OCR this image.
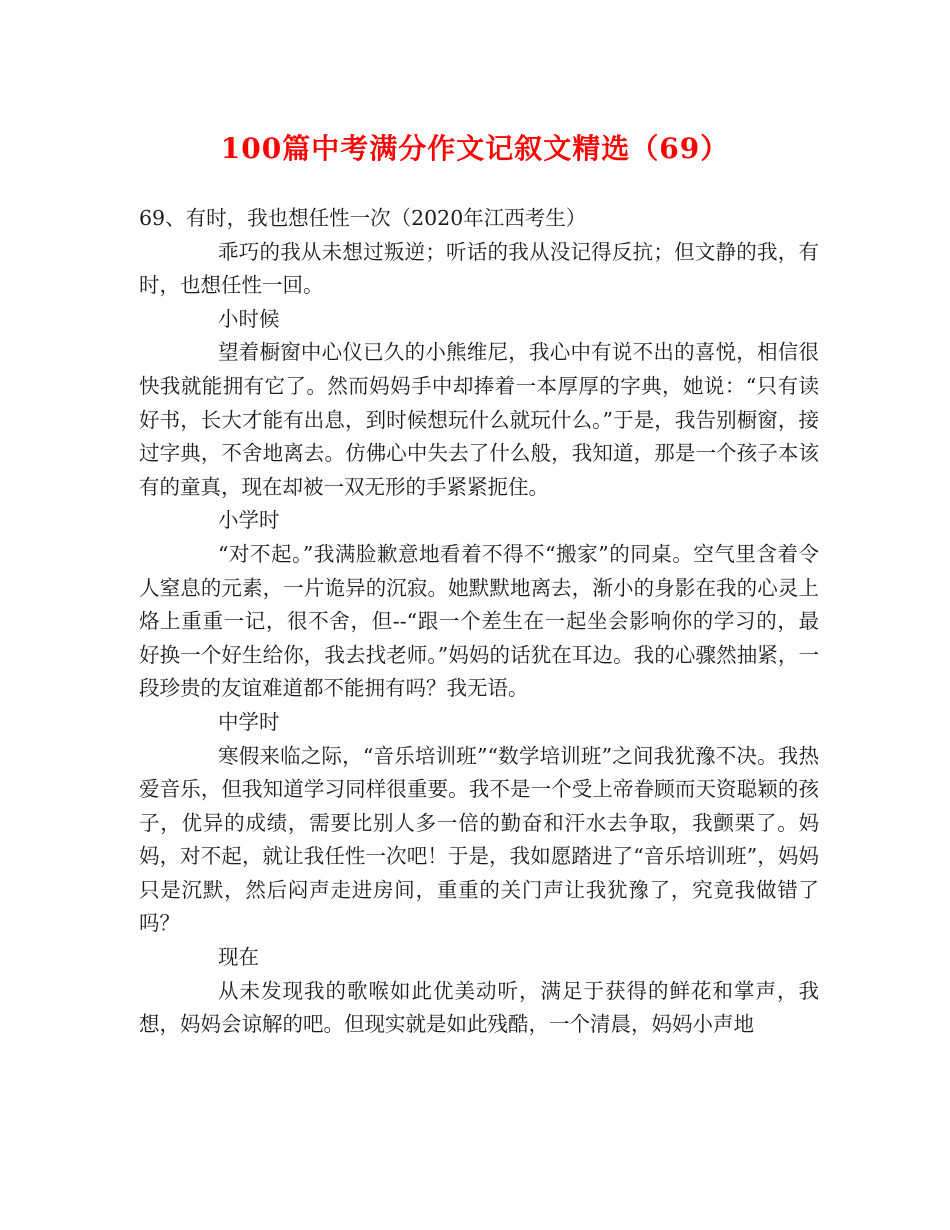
100篇中考满分作文记叙文精选（69）

69、有时，我也想任性一次（2020年江西考生）

乖巧的我从未想过叛逆；听话的我从没记得反抗；但文静的我，有时，也想任性一回。

小时候

望着橱窗中心仪已久的小熊维尼，我心中有说不出的喜悦，相信很快我就能拥有它了。然而妈妈手中却捧着一本厚厚的字典，她说：“只有读好书，长大才能有出息，到时候想玩什么就玩什么。”于是，我告别橱窗，接过字典，不舍地离去。仿佛心中失去了什么般，我知道，那是一个孩子本该有的童真，现在却被一双无形的手紧紧扼住。

小学时

“对不起。”我满脸歉意地看着不得不“搬家”的同桌。空气里含着令人窒息的元素，一片诡异的沉寂。她默默地离去，渐小的身影在我的心灵上烙上重重一记，很不舍，但--“跟一个差生在一起坐会影响你的学习的，最好换一个好生给你，我去找老师。”妈妈的话犹在耳边。我的心骤然抽紧，一段珍贵的友谊难道都不能拥有吗？我无语。

中学时

寒假来临之际，“音乐培训班”“数学培训班”之间我犹豫不决。我热爱音乐，但我知道学习同样很重要。我不是一个受上帝眷顾而天资聪颖的孩子，优异的成绩，需要比别人多一倍的勤奋和汗水去争取，我颤栗了。妈妈，对不起，就让我任性一次吧！于是，我如愿踏进了“音乐培训班”，妈妈只是沉默，然后闷声走进房间，重重的关门声让我犹豫了，究竟我做错了吗？

现在

从未发现我的歌喉如此优美动听，满足于获得的鲜花和掌声，我想，妈妈会谅解的吧。但现实就是如此残酷，一个清晨，妈妈小声地
